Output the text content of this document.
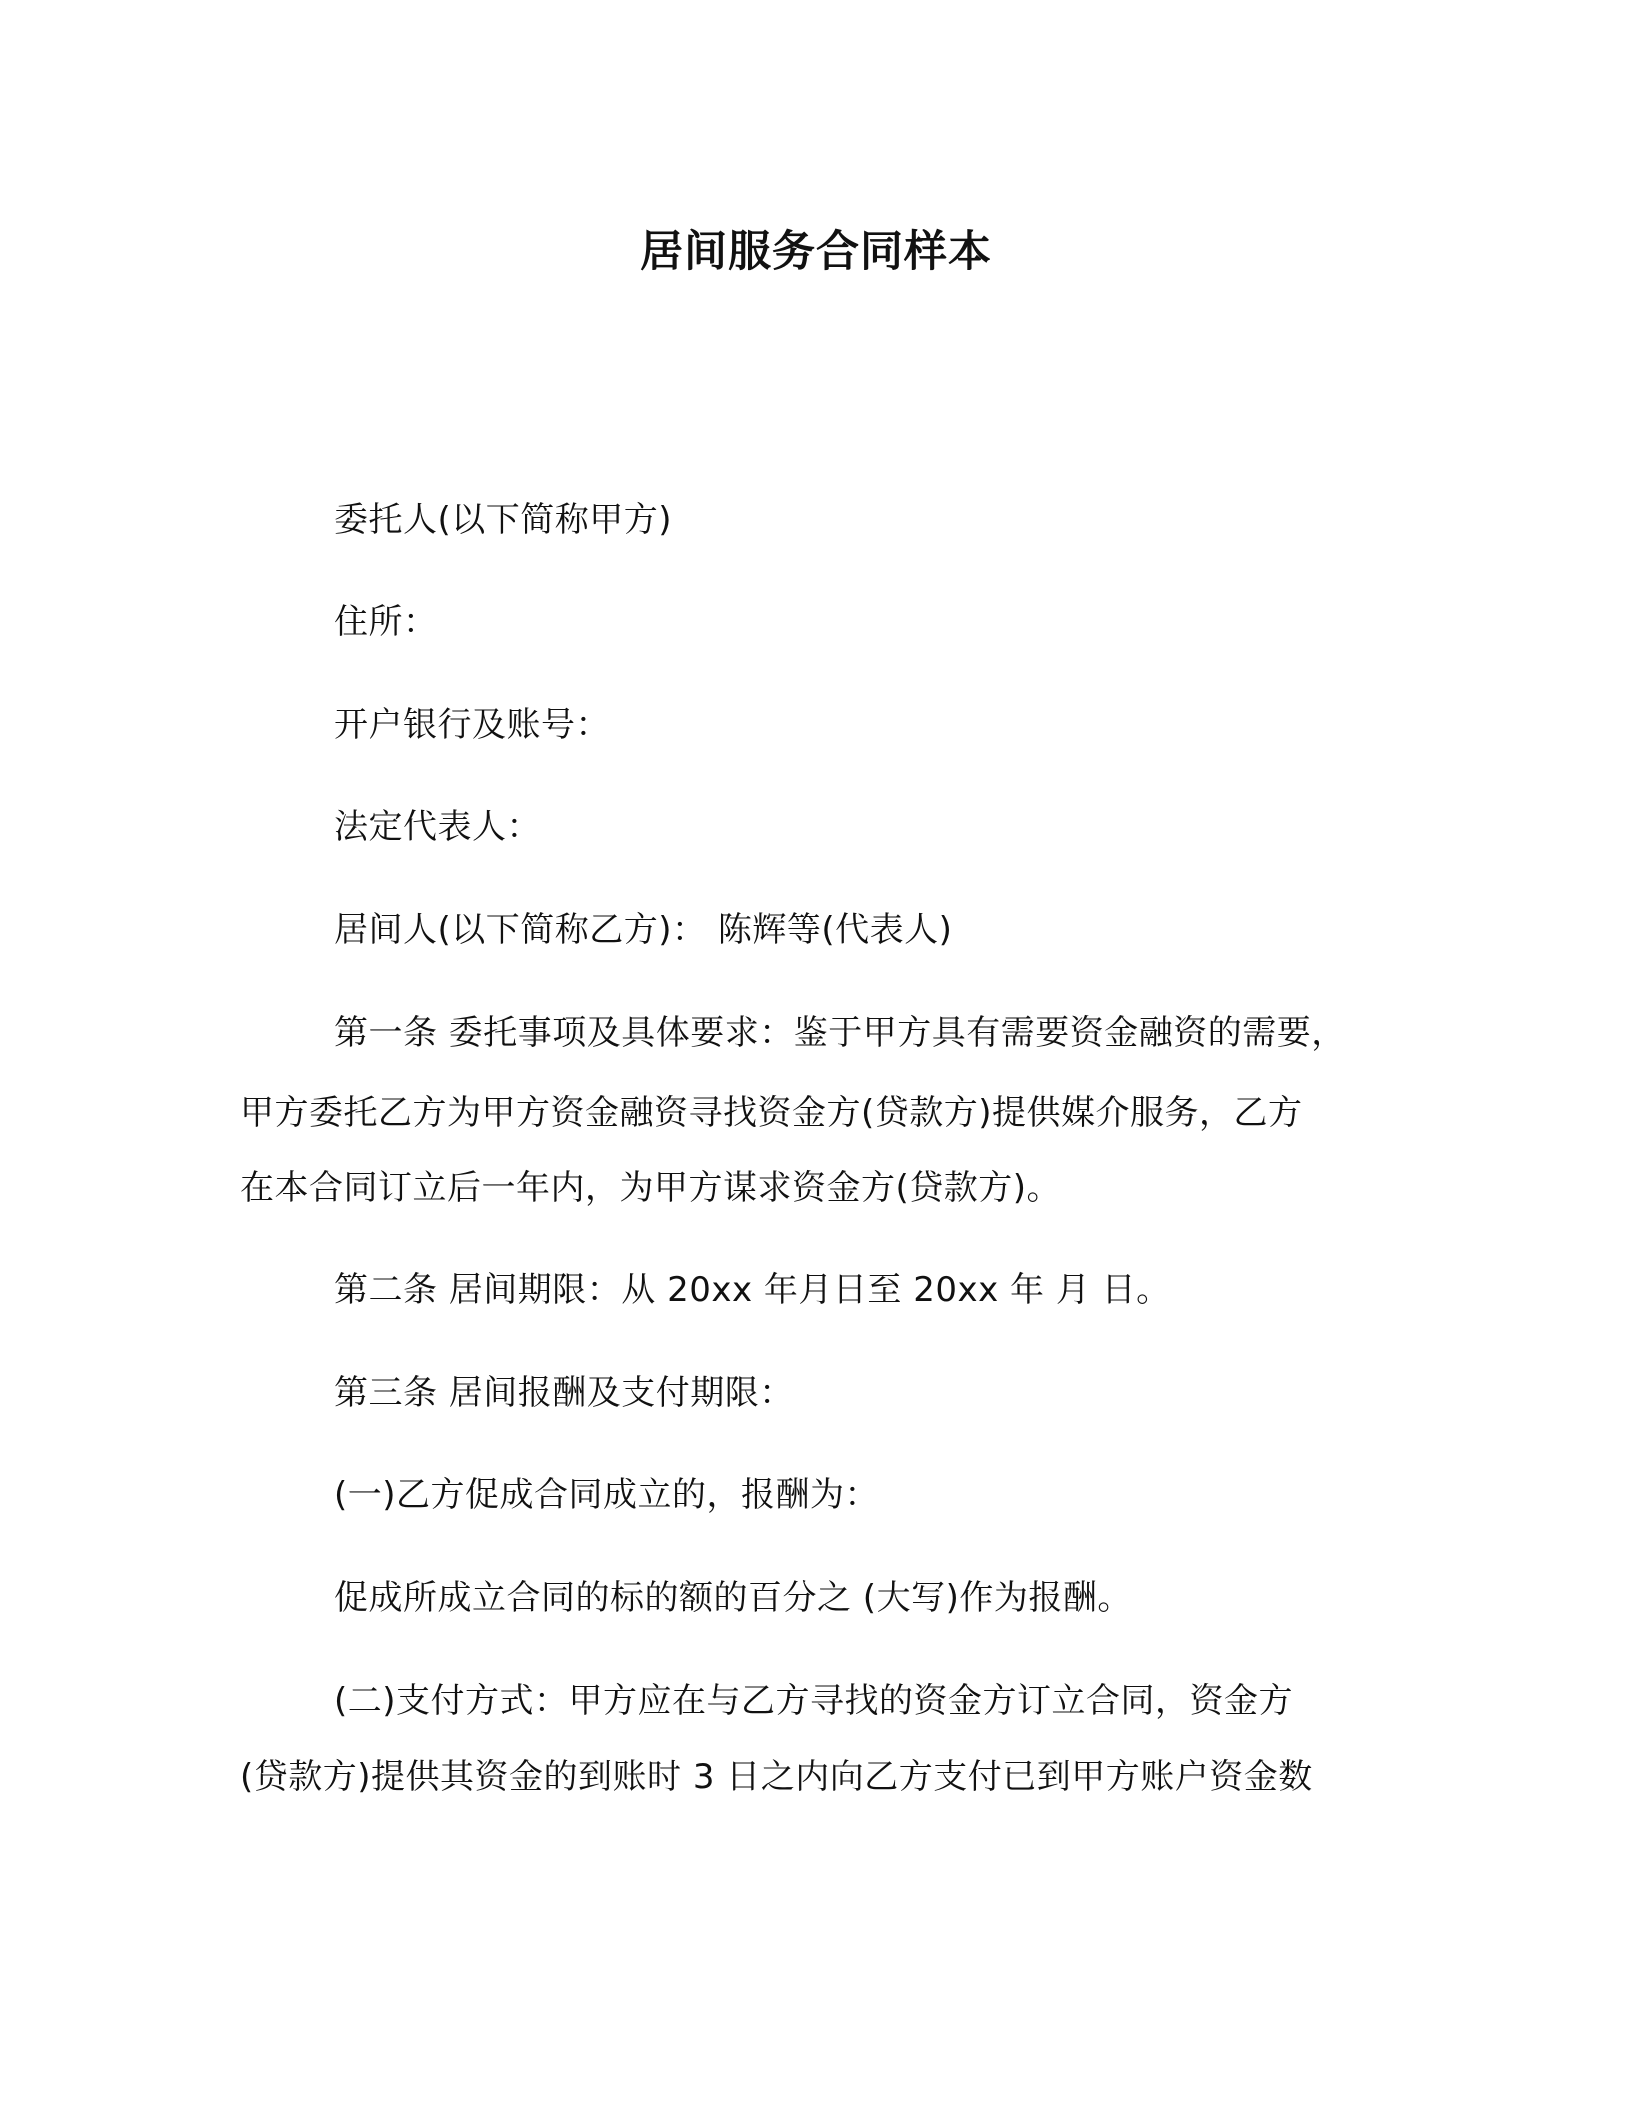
居间服务合同样本
委托人(以下简称甲方)
住所：
开户银行及账号：
法定代表人：
居间人(以下简称乙方)： 陈辉等(代表人)
第一条 委托事项及具体要求：鉴于甲方具有需要资金融资的需要，
甲方委托乙方为甲方资金融资寻找资金方(贷款方)提供媒介服务，乙方
在本合同订立后一年内，为甲方谋求资金方(贷款方)。
第二条 居间期限：从 20xx 年月日至 20xx 年 月 日。
第三条 居间报酬及支付期限：
(一)乙方促成合同成立的，报酬为：
促成所成立合同的标的额的百分之 (大写)作为报酬。
(二)支付方式：甲方应在与乙方寻找的资金方订立合同，资金方
(贷款方)提供其资金的到账时 3 日之内向乙方支付已到甲方账户资金数
